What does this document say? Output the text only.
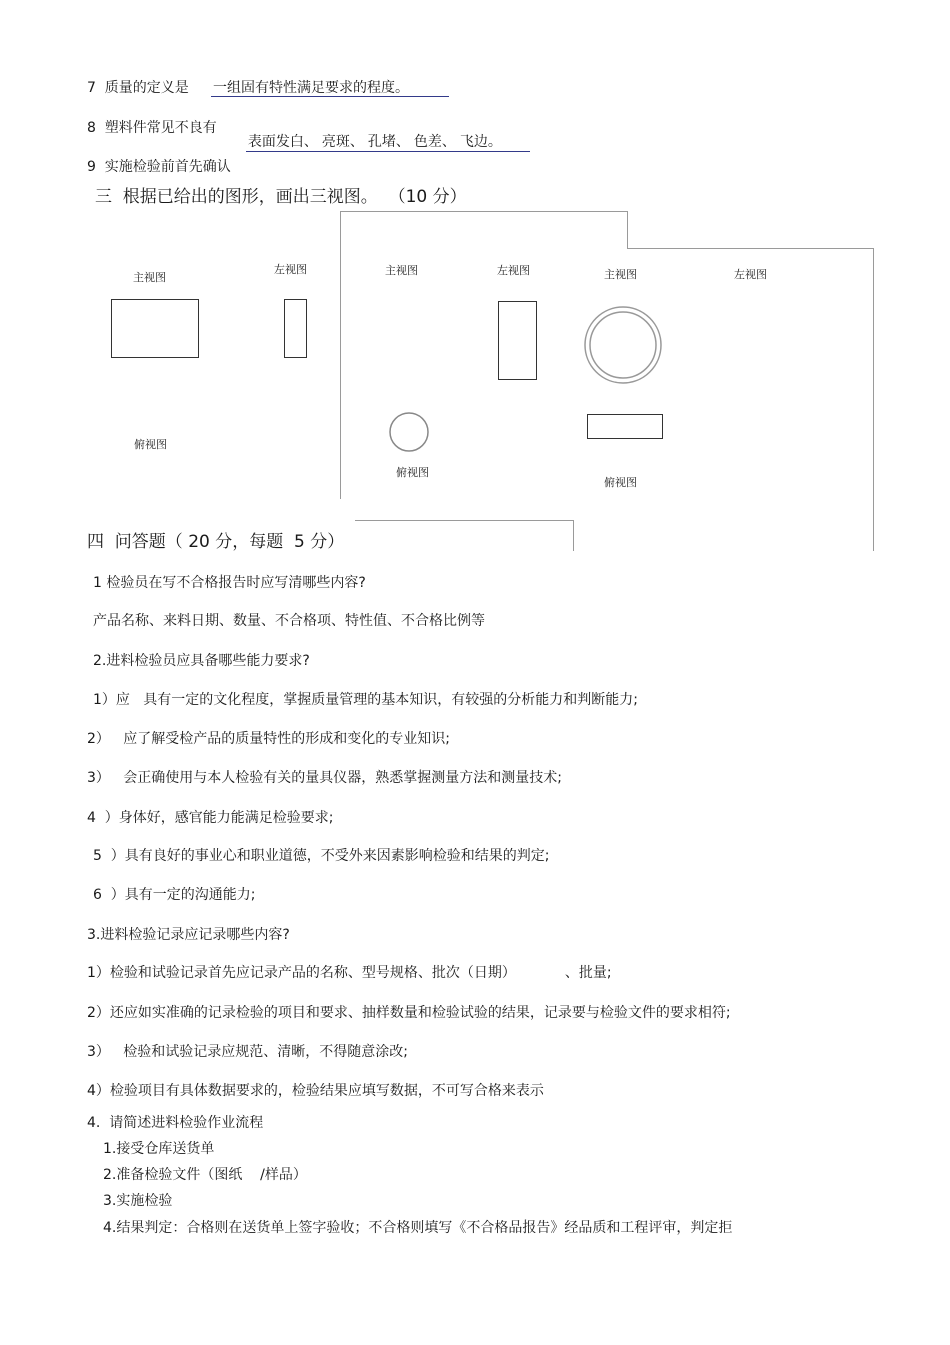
7  质量的定义是 一组固有特性满足要求的程度。
8  塑料件常见不良有

表面发白、 亮斑、 孔堵、 色差、 飞边。

9  实施检验前首先确认
三  根据已给出的图形，画出三视图。  （10 分）
主视图
左视图
俯视图
主视图	左视图
俯视图
主视图	左视图
俯视图
四  问答题（ 20 分，每题  5 分）
1 检验员在写不合格报告时应写清哪些内容?
产品名称、来料日期、数量、不合格项、特性值、不合格比例等
2.进料检验员应具备哪些能力要求?
1）应   具有一定的文化程度，掌握质量管理的基本知识，有较强的分析能力和判断能力;
2）   应了解受检产品的质量特性的形成和变化的专业知识;
3）   会正确使用与本人检验有关的量具仪器，熟悉掌握测量方法和测量技术;
4  ）身体好，感官能力能满足检验要求;
5  ）具有良好的事业心和职业道德，不受外来因素影响检验和结果的判定;
6  ）具有一定的沟通能力;
3.进料检验记录应记录哪些内容?
1）检验和试验记录首先应记录产品的名称、型号规格、批次（日期）           、批量;
2）还应如实准确的记录检验的项目和要求、抽样数量和检验试验的结果，记录要与检验文件的要求相符;
3）   检验和试验记录应规范、清晰，不得随意涂改;
4）检验项目有具体数据要求的，检验结果应填写数据，不可写合格来表示
4.  请简述进料检验作业流程
1.接受仓库送货单
2.准备检验文件（图纸    /样品）
3.实施检验
4.结果判定：合格则在送货单上签字验收；不合格则填写《不合格品报告》经品质和工程评审，判定拒
